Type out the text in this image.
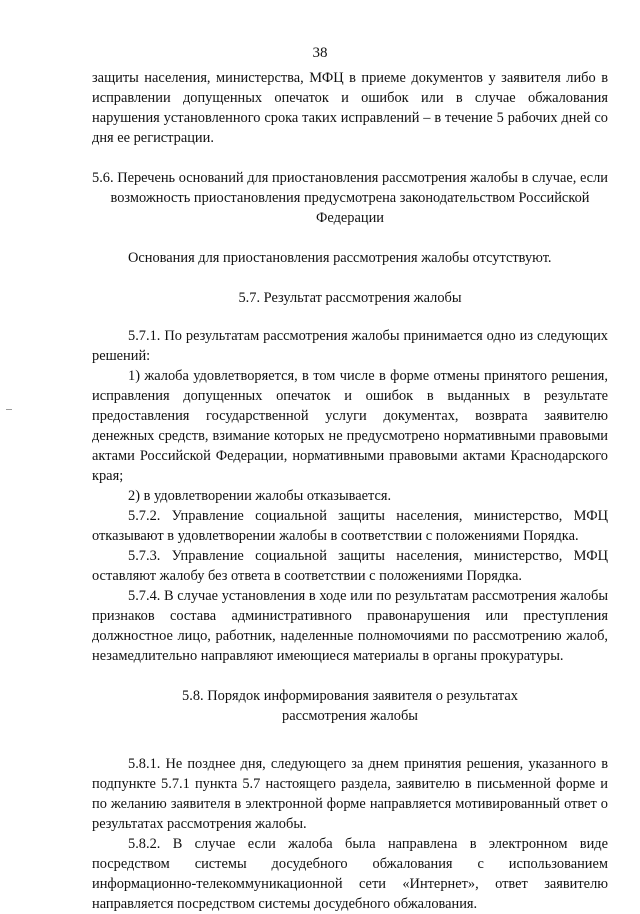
38

защиты населения, министерства, МФЦ в приеме документов у заявителя либо в исправлении допущенных опечаток и ошибок или в случае обжалования нарушения установленного срока таких исправлений – в течение 5 рабочих дней со дня ее регистрации.

5.6. Перечень оснований для приостановления рассмотрения жалобы в случае, если возможность приостановления предусмотрена законодательством Российской Федерации

Основания для приостановления рассмотрения жалобы отсутствуют.

5.7. Результат рассмотрения жалобы

5.7.1. По результатам рассмотрения жалобы принимается одно из следующих решений:

1) жалоба удовлетворяется, в том числе в форме отмены принятого решения, исправления допущенных опечаток и ошибок в выданных в результате предоставления государственной услуги документах, возврата заявителю денежных средств, взимание которых не предусмотрено нормативными правовыми актами Российской Федерации, нормативными правовыми актами Краснодарского края;

2) в удовлетворении жалобы отказывается.

5.7.2. Управление социальной защиты населения, министерство, МФЦ отказывают в удовлетворении жалобы в соответствии с положениями Порядка.

5.7.3. Управление социальной защиты населения, министерство, МФЦ оставляют жалобу без ответа в соответствии с положениями Порядка.

5.7.4. В случае установления в ходе или по результатам рассмотрения жалобы признаков состава административного правонарушения или преступления должностное лицо, работник, наделенные полномочиями по рассмотрению жалоб, незамедлительно направляют имеющиеся материалы в органы прокуратуры.

5.8. Порядок информирования заявителя о результатах

рассмотрения жалобы

5.8.1. Не позднее дня, следующего за днем принятия решения, указанного в подпункте 5.7.1 пункта 5.7 настоящего раздела, заявителю в письменной форме и по желанию заявителя в электронной форме направляется мотивированный ответ о результатах рассмотрения жалобы.

5.8.2. В случае если жалоба была направлена в электронном виде посредством системы досудебного обжалования с использованием информационно-телекоммуникационной сети «Интернет», ответ заявителю направляется посредством системы досудебного обжалования.
